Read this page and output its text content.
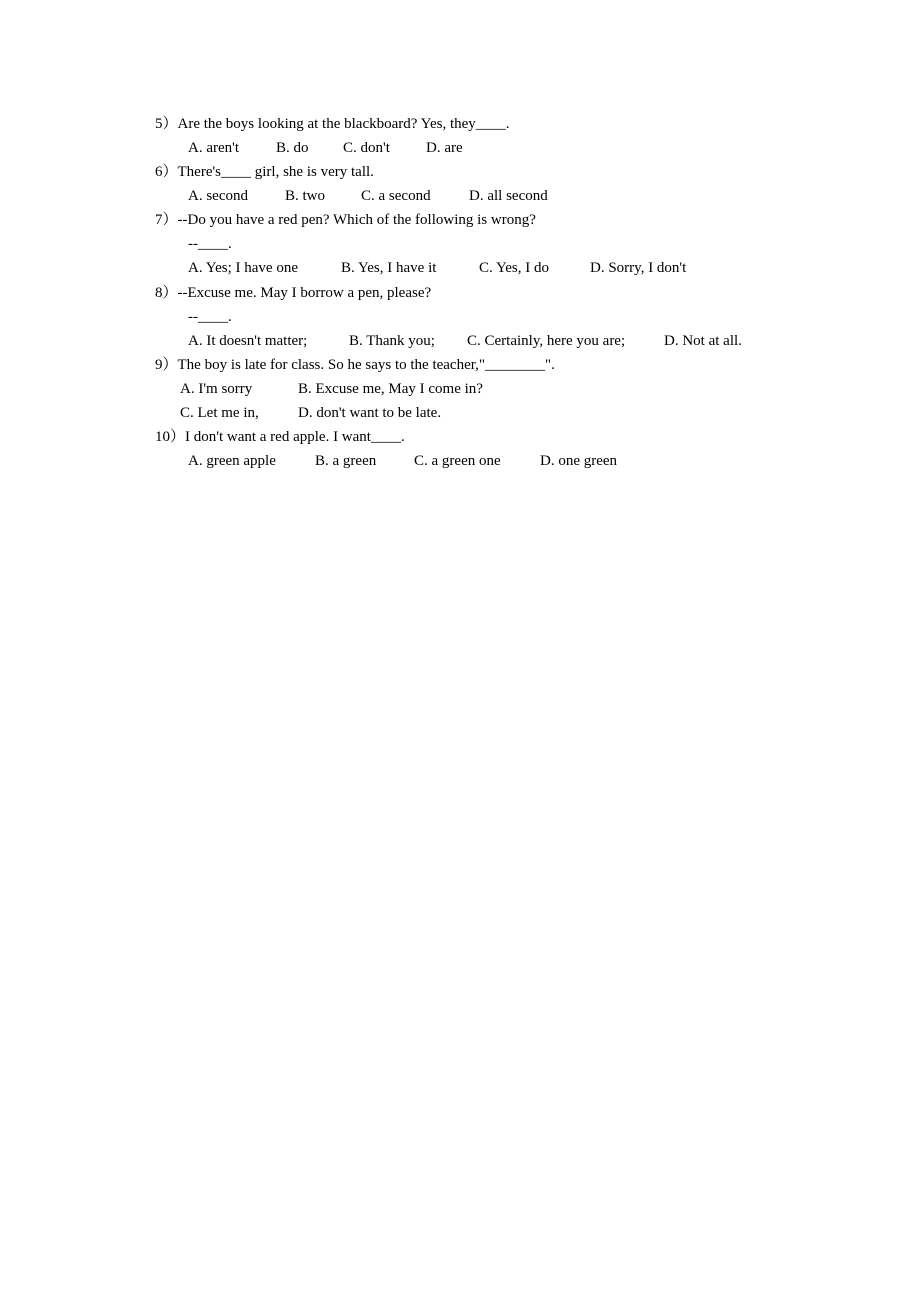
5）Are the boys looking at the blackboard? Yes, they____.
A. aren't B. do C. don't D. are
6）There's____ girl, she is very tall.
A. second B. two C. a second	D. all second
7）--Do you have a red pen? Which of the following is wrong?
--____.
A. Yes; I have one	B. Yes, I have it	C. Yes, I do	D. Sorry, I don't
8）--Excuse me. May I borrow a pen, please?
--____.
A. It doesn't matter;	B. Thank you; C. Certainly, here you are;	D. Not at all.
9）The boy is late for class. So he says to the teacher,"________".
A. I'm sorry	B. Excuse me, May I come in?
C. Let me in,	D. don't want to be late.
10）I don't want a red apple. I want____.
A. green apple	B. a green	C. a green one	D. one green
